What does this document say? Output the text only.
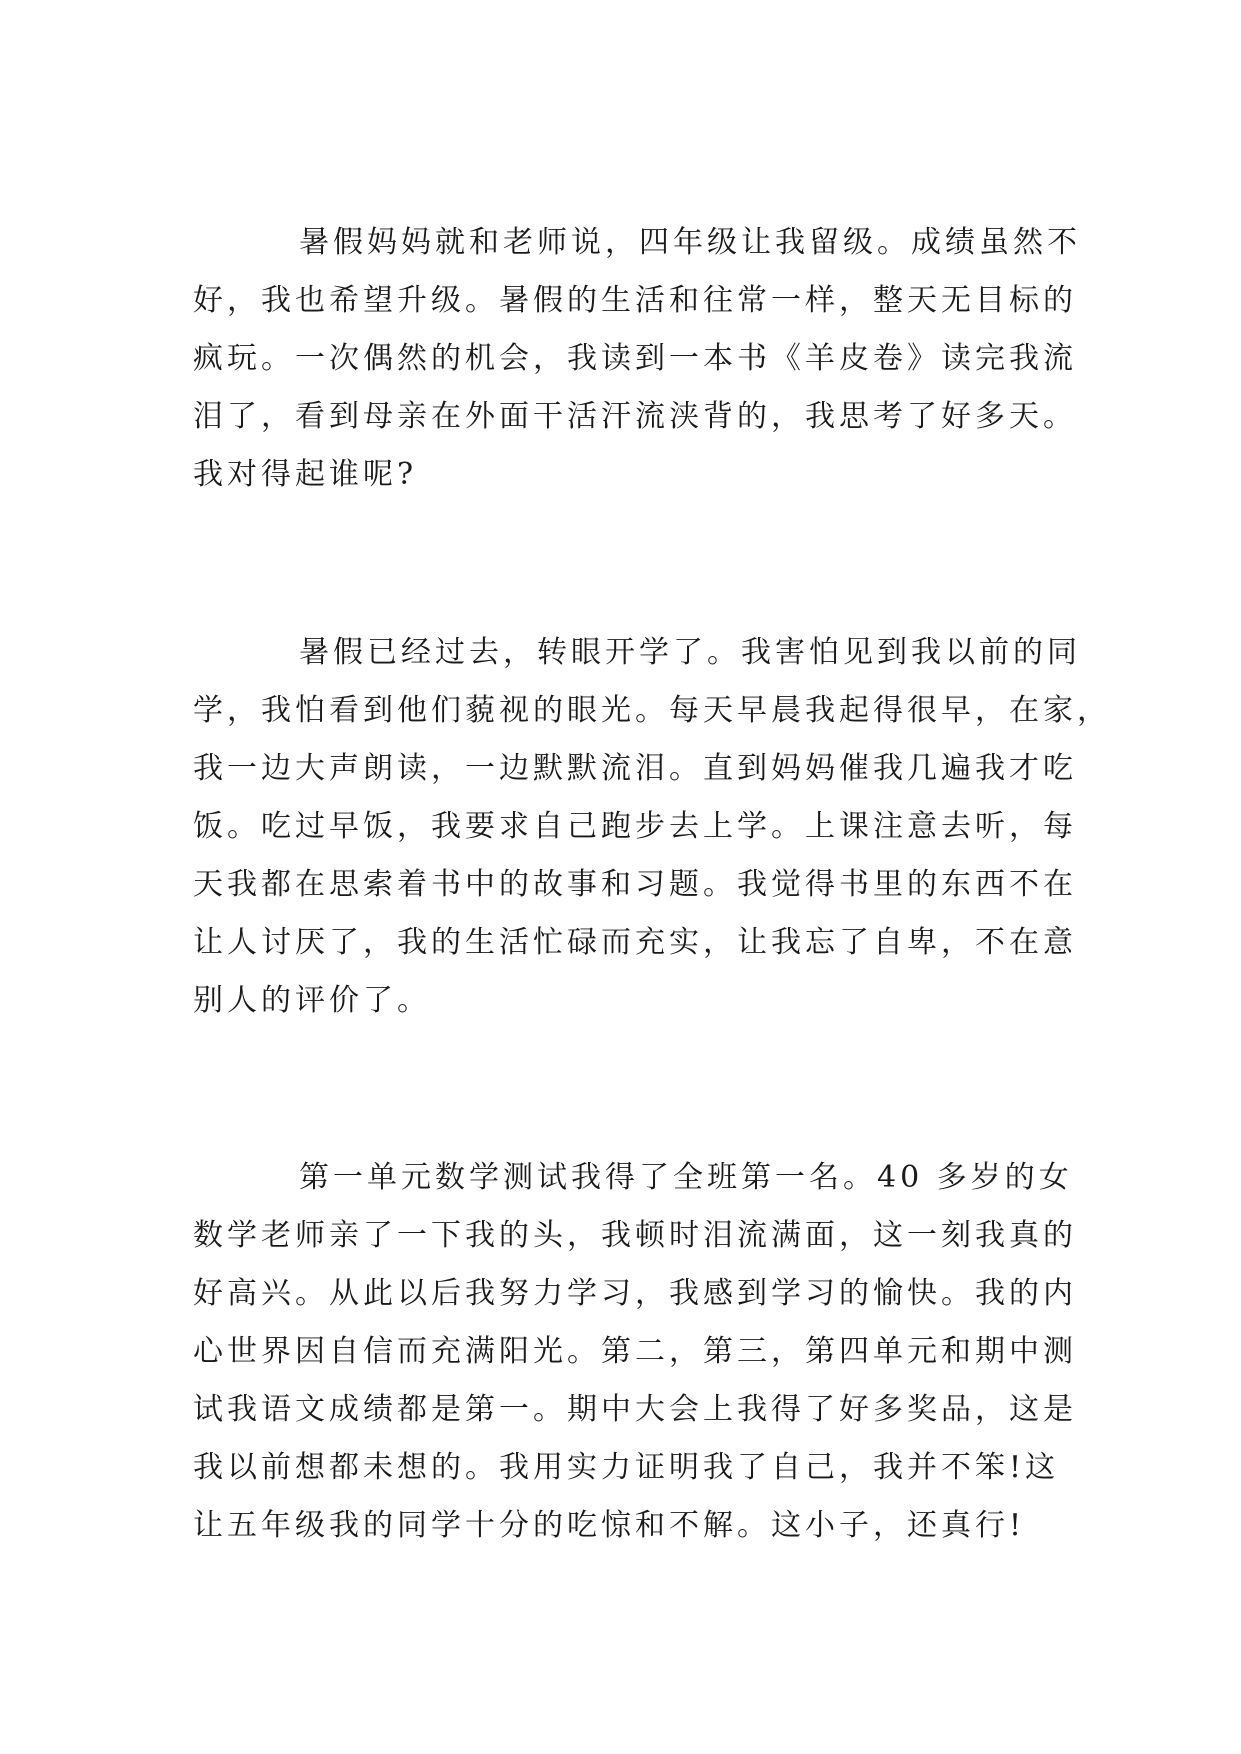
暑假妈妈就和老师说，四年级让我留级。成绩虽然不
好，我也希望升级。暑假的生活和往常一样，整天无目标的
疯玩。一次偶然的机会，我读到一本书《羊皮卷》读完我流
泪了，看到母亲在外面干活汗流浃背的，我思考了好多天。
我对得起谁呢?
暑假已经过去，转眼开学了。我害怕见到我以前的同
学，我怕看到他们藐视的眼光。每天早晨我起得很早，在家，
我一边大声朗读，一边默默流泪。直到妈妈催我几遍我才吃
饭。吃过早饭，我要求自己跑步去上学。上课注意去听，每
天我都在思索着书中的故事和习题。我觉得书里的东西不在
让人讨厌了，我的生活忙碌而充实，让我忘了自卑，不在意
别人的评价了。
第一单元数学测试我得了全班第一名。40 多岁的女
数学老师亲了一下我的头，我顿时泪流满面，这一刻我真的
好高兴。从此以后我努力学习，我感到学习的愉快。我的内
心世界因自信而充满阳光。第二，第三，第四单元和期中测
试我语文成绩都是第一。期中大会上我得了好多奖品，这是
我以前想都未想的。我用实力证明我了自己，我并不笨!这
让五年级我的同学十分的吃惊和不解。这小子，还真行!
